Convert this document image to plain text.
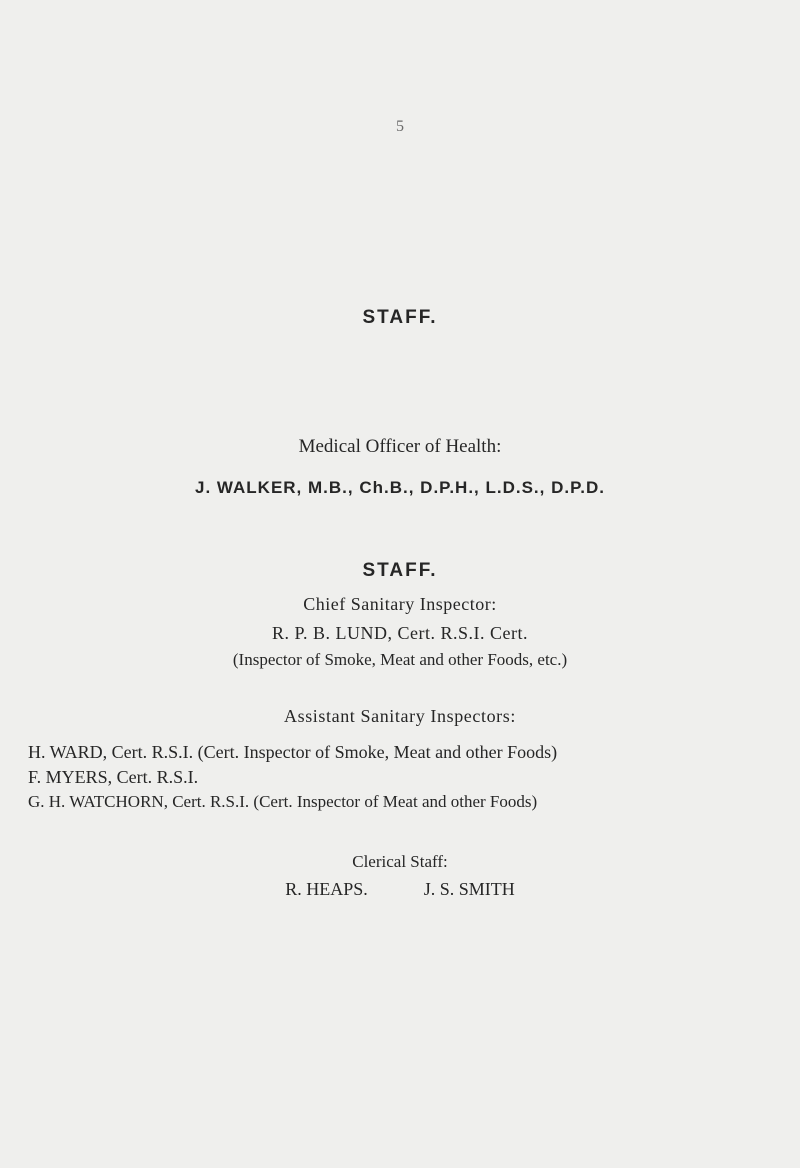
5

STAFF.

Medical Officer of Health:

J. WALKER, M.B., Ch.B., D.P.H., L.D.S., D.P.D.

STAFF.

Chief Sanitary Inspector:

R. P. B. LUND, Cert. R.S.I. Cert.

(Inspector of Smoke, Meat and other Foods, etc.)

Assistant Sanitary Inspectors:

H. WARD, Cert. R.S.I. (Cert. Inspector of Smoke, Meat and other Foods)

F. MYERS, Cert. R.S.I.

G. H. WATCHORN, Cert. R.S.I. (Cert. Inspector of Meat and other Foods)

Clerical Staff:

R. HEAPS.	J. S. SMITH
